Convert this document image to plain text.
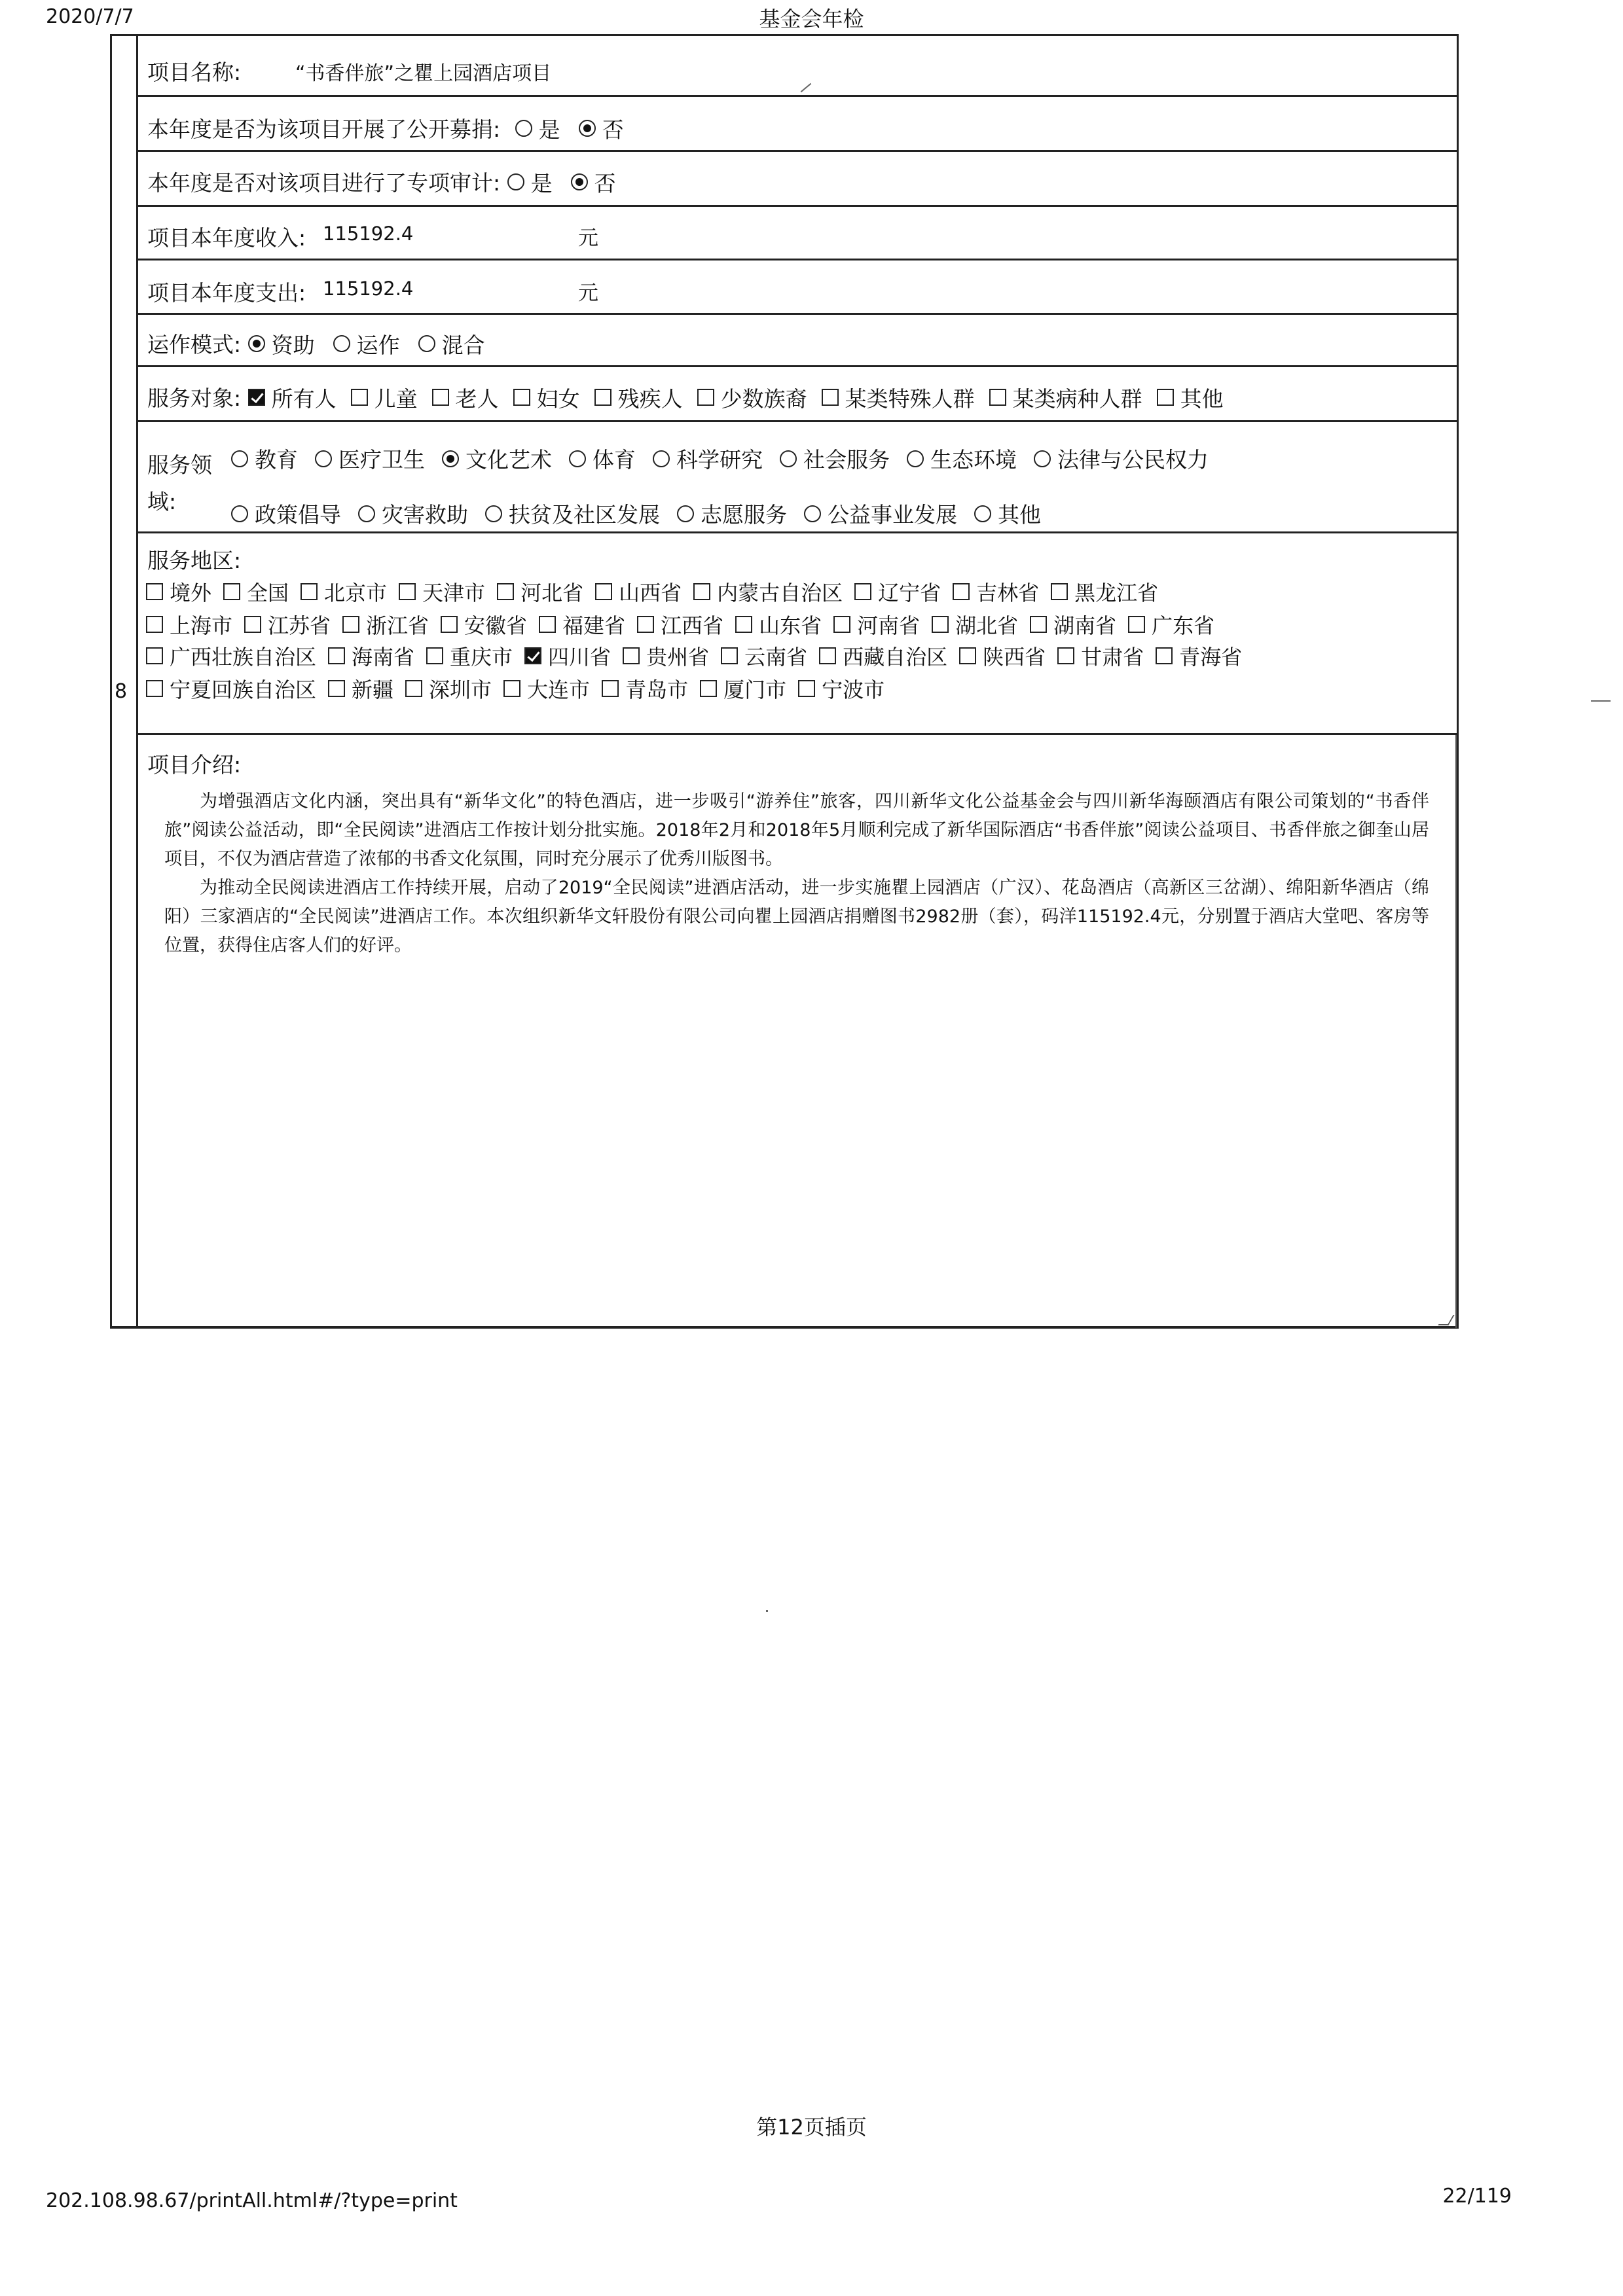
2020/7/7	基金会年检
8
项目名称:	“书香伴旅”之瞿上园酒店项目
本年度是否为该项目开展了公开募捐: 是 否
本年度是否对该项目进行了专项审计: 是 否
项目本年度收入: 115192.4	元
项目本年度支出: 115192.4	元
运作模式: 资助 运作 混合
服务对象: 所有人 儿童 老人 妇女 残疾人 少数族裔 某类特殊人群 某类病种人群 其他
服务领
域:
教育 医疗卫生 文化艺术 体育 科学研究 社会服务 生态环境 法律与公民权力
政策倡导 灾害救助 扶贫及社区发展 志愿服务 公益事业发展 其他
服务地区:
境外 全国 北京市 天津市 河北省 山西省 内蒙古自治区 辽宁省 吉林省 黑龙江省
上海市 江苏省 浙江省 安徽省 福建省 江西省 山东省 河南省 湖北省 湖南省 广东省
广西壮族自治区 海南省 重庆市 四川省 贵州省 云南省 西藏自治区 陕西省 甘肃省 青海省
宁夏回族自治区 新疆 深圳市 大连市 青岛市 厦门市 宁波市
项目介绍:

为增强酒店文化内涵，突出具有“新华文化”的特色酒店，进一步吸引“游养住”旅客，四川新华文化公益基金会与四川新华海颐酒店有限公司策划的“书香伴旅”阅读公益活动，即“全民阅读”进酒店工作按计划分批实施。2018年2月和2018年5月顺利完成了新华国际酒店“书香伴旅”阅读公益项目、书香伴旅之御奎山居项目，不仅为酒店营造了浓郁的书香文化氛围，同时充分展示了优秀川版图书。

为推动全民阅读进酒店工作持续开展，启动了2019“全民阅读”进酒店活动，进一步实施瞿上园酒店（广汉）、花岛酒店（高新区三岔湖）、绵阳新华酒店（绵阳）三家酒店的“全民阅读”进酒店工作。本次组织新华文轩股份有限公司向瞿上园酒店捐赠图书2982册（套），码洋115192.4元，分别置于酒店大堂吧、客房等位置，获得住店客人们的好评。

第12页插页
202.108.98.67/printAll.html#/?type=print	22/119
